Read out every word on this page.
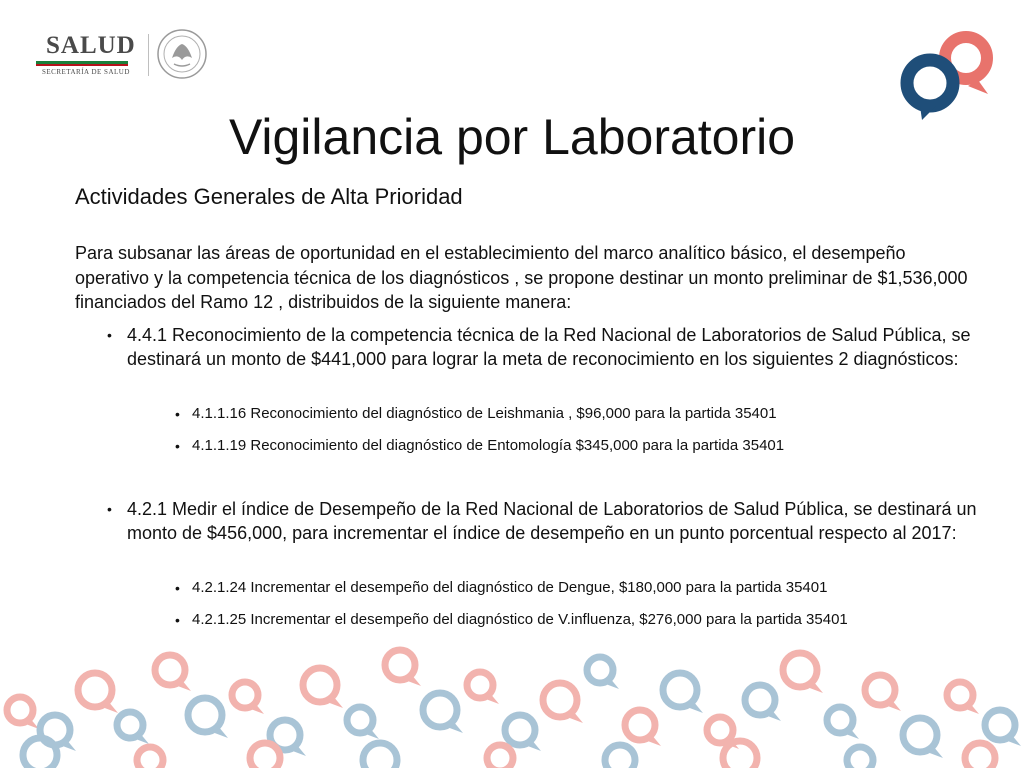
SALUD
SECRETARÍA DE SALUD
Vigilancia por Laboratorio
Actividades Generales de Alta Prioridad
Para subsanar las áreas de oportunidad en el establecimiento del marco analítico básico, el desempeño operativo y la competencia técnica de los diagnósticos , se propone destinar un monto preliminar de $1,536,000 financiados del Ramo 12 , distribuidos de la siguiente manera:
• 4.4.1 Reconocimiento de la competencia técnica de la Red Nacional de Laboratorios de Salud Pública, se destinará un monto de $441,000 para lograr la meta de reconocimiento en los siguientes 2 diagnósticos:
• 4.1.1.16 Reconocimiento del diagnóstico de Leishmania , $96,000 para la partida 35401
• 4.1.1.19 Reconocimiento del diagnóstico de Entomología $345,000 para la partida 35401
• 4.2.1 Medir el índice de Desempeño de la Red Nacional de Laboratorios de Salud Pública, se destinará un monto de $456,000, para incrementar el índice de desempeño en un punto porcentual respecto al 2017:
• 4.2.1.24 Incrementar el desempeño del diagnóstico de Dengue, $180,000 para la partida 35401
• 4.2.1.25 Incrementar el desempeño del diagnóstico de V.influenza, $276,000 para la partida 35401
